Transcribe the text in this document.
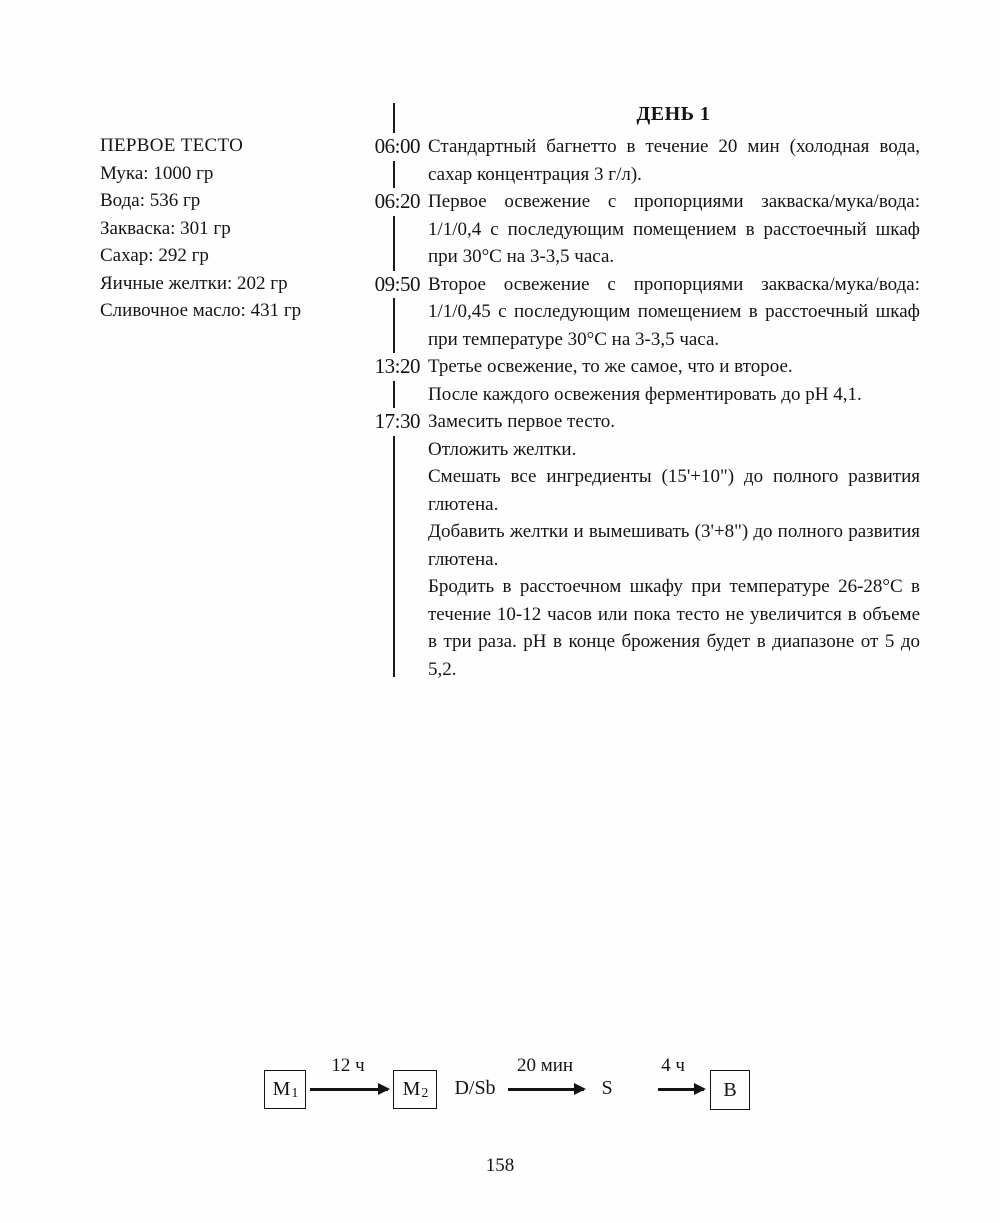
ПЕРВОЕ ТЕСТО
Мука: 1000 гр
Вода: 536 гр
Закваска: 301 гр
Сахар: 292 гр
Яичные желтки: 202 гр
Сливочное масло: 431 гр
ДЕНЬ 1
06:00 Стандартный багнетто в течение 20 мин (холодная вода, сахар концентрация 3 г/л).

06:20 Первое освежение с пропорциями закваска/мука/вода: 1/1/0,4 с последующим помещением в расстоечный шкаф при 30°С на 3-3,5 часа.

09:50 Второе освежение с пропорциями закваска/мука/вода: 1/1/0,45 с последующим помещением в расстоечный шкаф при температуре 30°С на 3-3,5 часа.

13:20 Третье освежение, то же самое, что и второе.

После каждого освежения ферментировать до pH 4,1.

17:30 Замесить первое тесто.

Отложить желтки.

Смешать все ингредиенты (15'+10") до полного развития глютена.

Добавить желтки и вымешивать (3'+8") до полного развития глютена.

Бродить в расстоечном шкафу при температуре 26-28°С в течение 10-12 часов или пока тесто не увеличится в объеме в три раза. pH в конце брожения будет в диапазоне от 5 до 5,2.

$M_1$
12 ч
$M_2$	D/Sb
20 мин
S
4 ч
B
158
